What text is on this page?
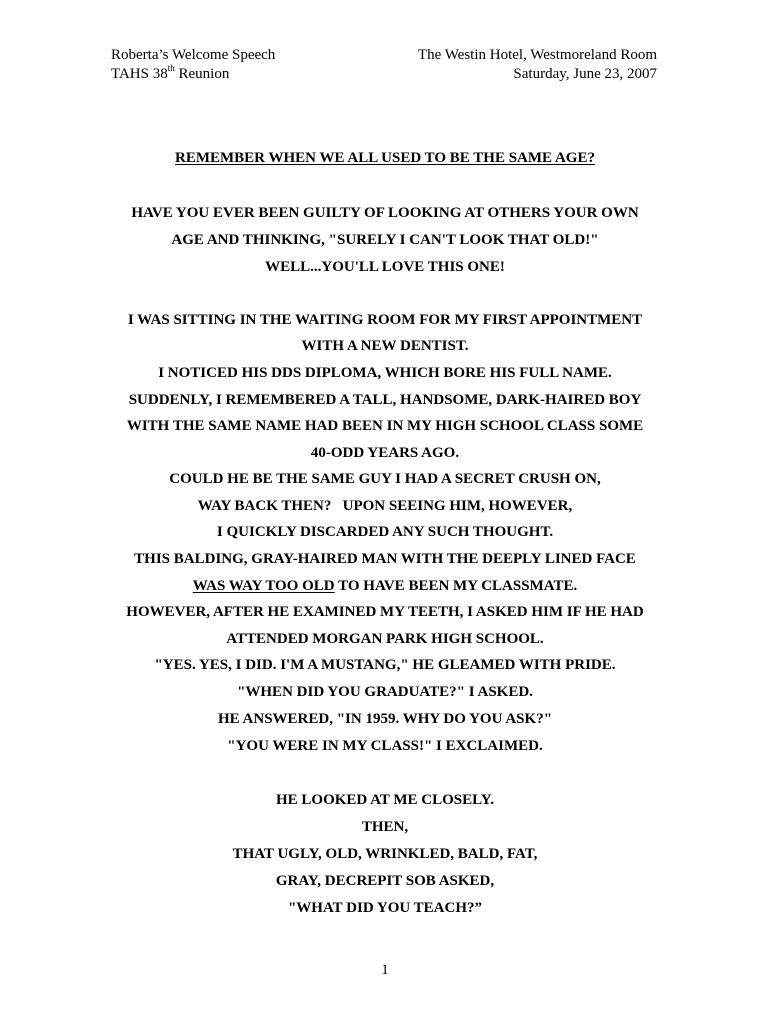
Roberta’s Welcome Speech
TAHS 38th Reunion
The Westin Hotel, Westmoreland Room
Saturday, June 23, 2007
REMEMBER WHEN WE ALL USED TO BE THE SAME AGE?
HAVE YOU EVER BEEN GUILTY OF LOOKING AT OTHERS YOUR OWN
AGE AND THINKING, "SURELY I CAN'T LOOK THAT OLD!"
WELL...YOU'LL LOVE THIS ONE!
I WAS SITTING IN THE WAITING ROOM FOR MY FIRST APPOINTMENT
WITH A NEW DENTIST.
I NOTICED HIS DDS DIPLOMA, WHICH BORE HIS FULL NAME.
SUDDENLY, I REMEMBERED A TALL, HANDSOME, DARK-HAIRED BOY
WITH THE SAME NAME HAD BEEN IN MY HIGH SCHOOL CLASS SOME
40-ODD YEARS AGO.
COULD HE BE THE SAME GUY I HAD A SECRET CRUSH ON,
WAY BACK THEN?   UPON SEEING HIM, HOWEVER,
I QUICKLY DISCARDED ANY SUCH THOUGHT.
THIS BALDING, GRAY-HAIRED MAN WITH THE DEEPLY LINED FACE
WAS WAY TOO OLD TO HAVE BEEN MY CLASSMATE.
HOWEVER, AFTER HE EXAMINED MY TEETH, I ASKED HIM IF HE HAD
ATTENDED MORGAN PARK HIGH SCHOOL.
"YES. YES, I DID. I'M A MUSTANG," HE GLEAMED WITH PRIDE.
"WHEN DID YOU GRADUATE?" I ASKED.
HE ANSWERED, "IN 1959. WHY DO YOU ASK?"
"YOU WERE IN MY CLASS!" I EXCLAIMED.
HE LOOKED AT ME CLOSELY.
THEN,
THAT UGLY, OLD, WRINKLED, BALD, FAT,
GRAY, DECREPIT SOB ASKED,
"WHAT DID YOU TEACH?”
1
